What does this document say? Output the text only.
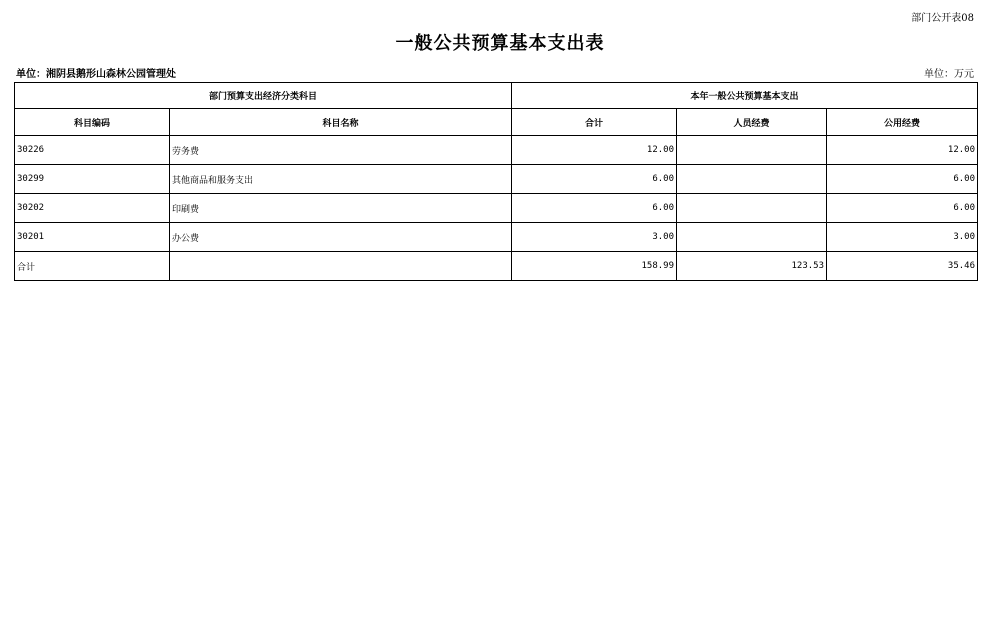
部门公开表08
一般公共预算基本支出表
单位：湘阴县鹅形山森林公园管理处	单位：万元
部门预算支出经济分类科目		本年一般公共预算基本支出		
科目编码	科目名称	合计	人员经费	公用经费
30226	劳务费	12.00		12.00
30299	其他商品和服务支出	6.00		6.00
30202	印刷费	6.00		6.00
30201	办公费	3.00		3.00
合计		158.99	123.53	35.46
